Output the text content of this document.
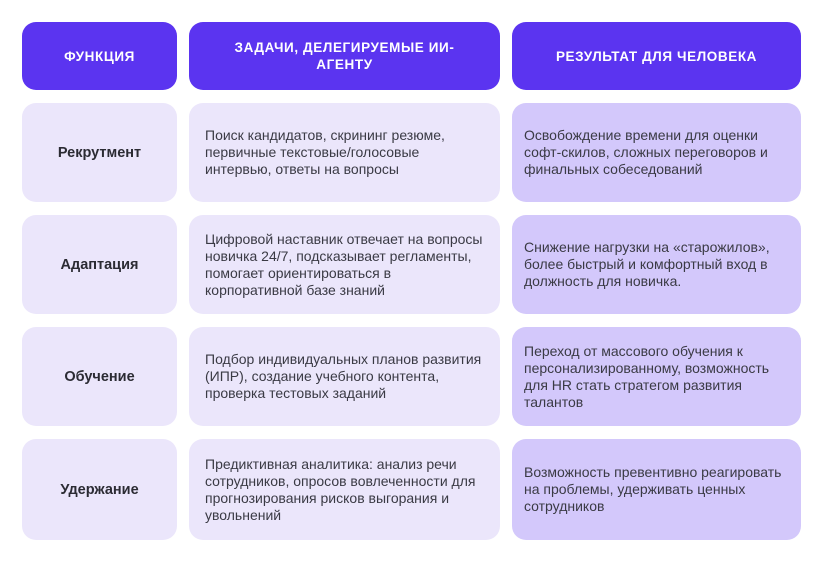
ФУНКЦИЯ
ЗАДАЧИ, ДЕЛЕГИРУЕМЫЕ ИИ-АГЕНТУ
РЕЗУЛЬТАТ ДЛЯ ЧЕЛОВЕКА
Рекрутмент
Поиск кандидатов, скрининг резюме, первичные текстовые/голосовые интервью, ответы на вопросы
Освобождение времени для оценки софт-скилов, сложных переговоров и финальных собеседований
Адаптация
Цифровой наставник отвечает на вопросы новичка 24/7, подсказывает регламенты, помогает ориентироваться в корпоративной базе знаний
Снижение нагрузки на «старожилов», более быстрый и комфортный вход в должность для новичка.
Обучение
Подбор индивидуальных планов развития (ИПР), создание учебного контента, проверка тестовых заданий
Переход от массового обучения к персонализированному, возможность для HR стать стратегом развития талантов
Удержание
Предиктивная аналитика: анализ речи сотрудников, опросов вовлеченности для прогнозирования рисков выгорания и увольнений
Возможность превентивно реагировать на проблемы, удерживать ценных сотрудников
